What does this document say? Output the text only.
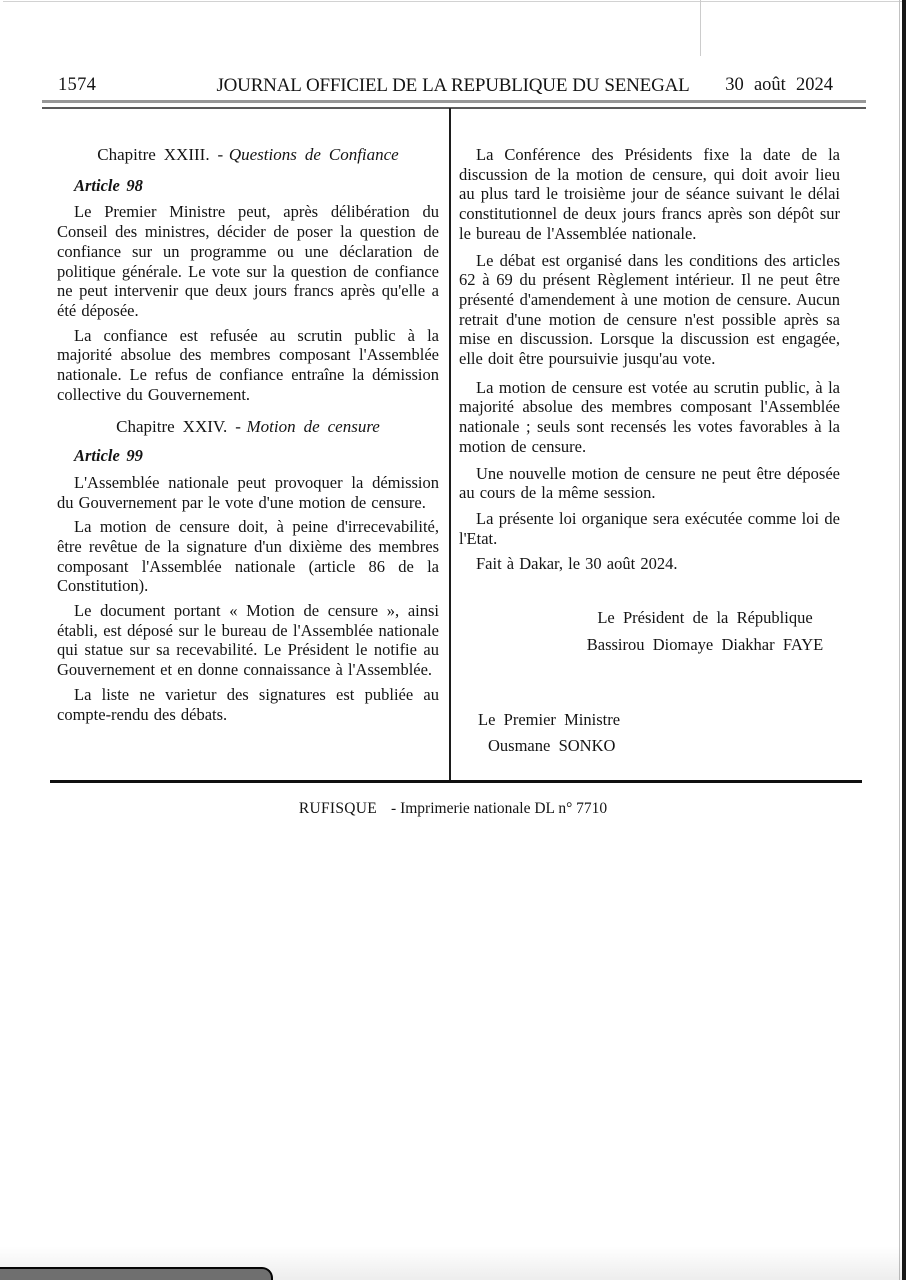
1574	JOURNAL OFFICIEL DE LA REPUBLIQUE DU SENEGAL	30 août 2024
Chapitre XXIII. - Questions de Confiance
Article 98

Le Premier Ministre peut, après délibération du Conseil des ministres, décider de poser la question de confiance sur un programme ou une déclaration de politique générale. Le vote sur la question de confiance ne peut intervenir que deux jours francs après qu'elle a été déposée.

La confiance est refusée au scrutin public à la majorité absolue des membres composant l'Assemblée nationale. Le refus de confiance entraîne la démission collective du Gouvernement.

Chapitre XXIV. - Motion de censure
Article 99

L'Assemblée nationale peut provoquer la démission du Gouvernement par le vote d'une motion de censure.

La motion de censure doit, à peine d'irrecevabilité, être revêtue de la signature d'un dixième des membres composant l'Assemblée nationale (article 86 de la Constitution).

Le document portant « Motion de censure », ainsi établi, est déposé sur le bureau de l'Assemblée nationale qui statue sur sa recevabilité. Le Président le notifie au Gouvernement et en donne connaissance à l'Assemblée.

La liste ne varietur des signatures est publiée au compte-rendu des débats.

La Conférence des Présidents fixe la date de la discussion de la motion de censure, qui doit avoir lieu au plus tard le troisième jour de séance suivant le délai constitutionnel de deux jours francs après son dépôt sur le bureau de l'Assemblée nationale.

Le débat est organisé dans les conditions des articles 62 à 69 du présent Règlement intérieur. Il ne peut être présenté d'amendement à une motion de censure. Aucun retrait d'une motion de censure n'est possible après sa mise en discussion. Lorsque la discussion est engagée, elle doit être poursuivie jusqu'au vote.

La motion de censure est votée au scrutin public, à la majorité absolue des membres composant l'Assemblée nationale ; seuls sont recensés les votes favorables à la motion de censure.

Une nouvelle motion de censure ne peut être déposée au cours de la même session.

La présente loi organique sera exécutée comme loi de l'Etat.

Fait à Dakar, le 30 août 2024.

Le Président de la République
Bassirou Diomaye Diakhar FAYE
Le Premier Ministre
Ousmane SONKO
RUFISQUE - Imprimerie nationale DL n° 7710
